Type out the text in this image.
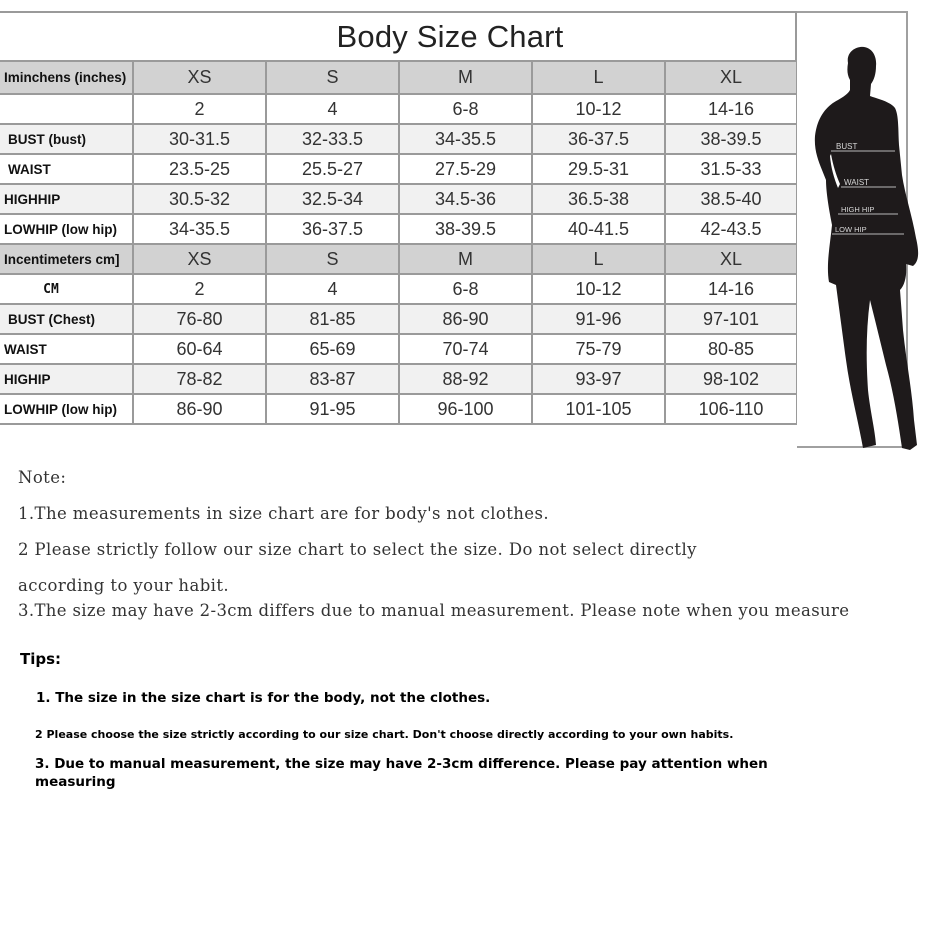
Body Size Chart
Iminchens (inches)	XS	S	M	L	XL
	2	4	6-8	10-12	14-16
BUST (bust)	30-31.5	32-33.5	34-35.5	36-37.5	38-39.5
WAIST	23.5-25	25.5-27	27.5-29	29.5-31	31.5-33
HIGHHIP	30.5-32	32.5-34	34.5-36	36.5-38	38.5-40
LOWHIP (low hip)	34-35.5	36-37.5	38-39.5	40-41.5	42-43.5
Incentimeters cm]	XS	S	M	L	XL
CM	2	4	6-8	10-12	14-16
BUST (Chest)	76-80	81-85	86-90	91-96	97-101
WAIST	60-64	65-69	70-74	75-79	80-85
HIGHIP	78-82	83-87	88-92	93-97	98-102
LOWHIP (low hip)	86-90	91-95	96-100	101-105	106-110
BUST
WAIST
HIGH HIP
LOW HIP
Note:
1.The measurements in size chart are for body's not clothes.
2 Please strictly follow our size chart to select the size. Do not select directly
according to your habit.
3.The size may have 2-3cm differs due to manual measurement. Please note when you measure
Tips:
1. The size in the size chart is for the body, not the clothes.
2 Please choose the size strictly according to our size chart. Don't choose directly according to your own habits.
3. Due to manual measurement, the size may have 2-3cm difference. Please pay attention when
measuring
